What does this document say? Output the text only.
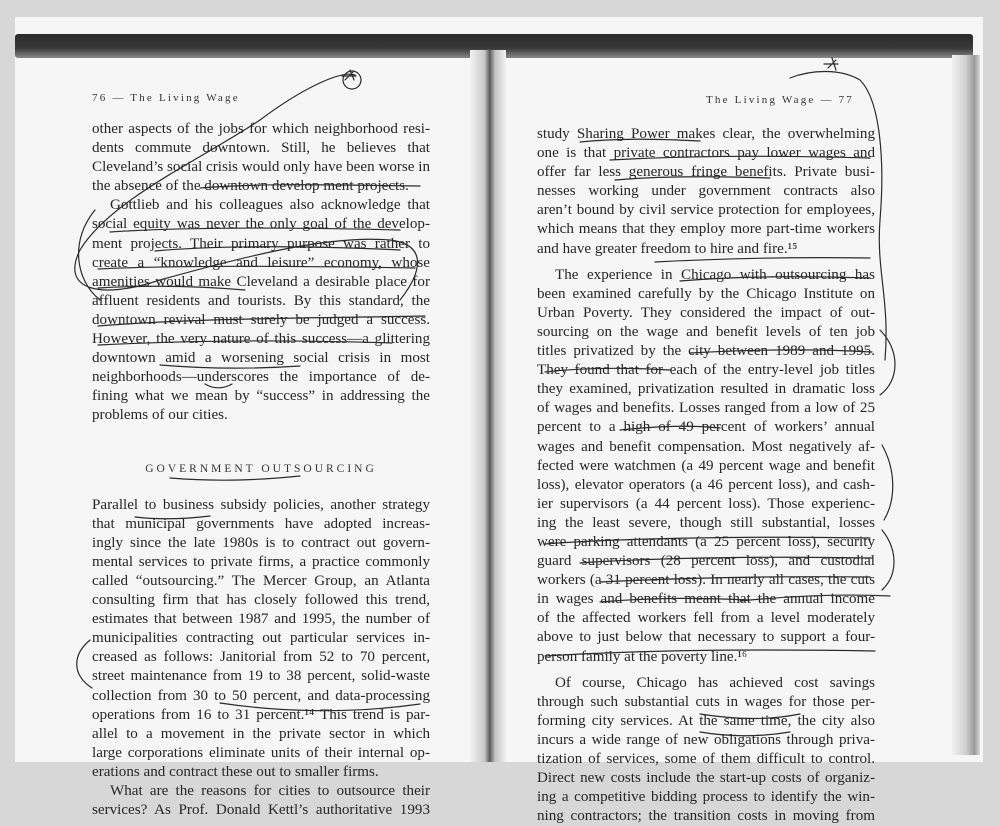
76 — The Living Wage	The Living Wage — 77
other aspects of the jobs for which neighborhood resi-
dents commute downtown. Still, he believes that
Cleveland’s social crisis would only have been worse in
the absence of the downtown develop ment projects.
Gottlieb and his colleagues also acknowledge that
social equity was never the only goal of the develop-
ment projects. Their primary purpose was rather to
create a “knowledge and leisure” economy, whose
amenities would make Cleveland a desirable place for
affluent residents and tourists. By this standard, the
downtown revival must surely be judged a success.
However, the very nature of this success—a glittering
downtown amid a worsening social crisis in most
neighborhoods—underscores the importance of de-
fining what we mean by “success” in addressing the
problems of our cities.
GOVERNMENT OUTSOURCING
Parallel to business subsidy policies, another strategy
that municipal governments have adopted increas-
ingly since the late 1980s is to contract out govern-
mental services to private firms, a practice commonly
called “outsourcing.” The Mercer Group, an Atlanta
consulting firm that has closely followed this trend,
estimates that between 1987 and 1995, the number of
municipalities contracting out particular services in-
creased as follows: Janitorial from 52 to 70 percent,
street maintenance from 19 to 38 percent, solid-waste
collection from 30 to 50 percent, and data-processing
operations from 16 to 31 percent.¹⁴ This trend is par-
allel to a movement in the private sector in which
large corporations eliminate units of their internal op-
erations and contract these out to smaller firms.
What are the reasons for cities to outsource their
services? As Prof. Donald Kettl’s authoritative 1993
study Sharing Power makes clear, the overwhelming
one is that private contractors pay lower wages and
offer far less generous fringe benefits. Private busi-
nesses working under government contracts also
aren’t bound by civil service protection for employees,
which means that they employ more part-time workers
and have greater freedom to hire and fire.¹⁵
The experience in Chicago with outsourcing has
been examined carefully by the Chicago Institute on
Urban Poverty. They considered the impact of out-
sourcing on the wage and benefit levels of ten job
titles privatized by the city between 1989 and 1995.
They found that for each of the entry-level job titles
they examined, privatization resulted in dramatic loss
of wages and benefits. Losses ranged from a low of 25
percent to a high of 49 percent of workers’ annual
wages and benefit compensation. Most negatively af-
fected were watchmen (a 49 percent wage and benefit
loss), elevator operators (a 46 percent loss), and cash-
ier supervisors (a 44 percent loss). Those experienc-
ing the least severe, though still substantial, losses
were parking attendants (a 25 percent loss), security
guard supervisors (28 percent loss), and custodial
workers (a 31 percent loss). In nearly all cases, the cuts
in wages and benefits meant that the annual income
of the affected workers fell from a level moderately
above to just below that necessary to support a four-
person family at the poverty line.¹⁶
Of course, Chicago has achieved cost savings
through such substantial cuts in wages for those per-
forming city services. At the same time, the city also
incurs a wide range of new obligations through priva-
tization of services, some of them difficult to control.
Direct new costs include the start-up costs of organiz-
ing a competitive bidding process to identify the win-
ning contractors; the transition costs in moving from
